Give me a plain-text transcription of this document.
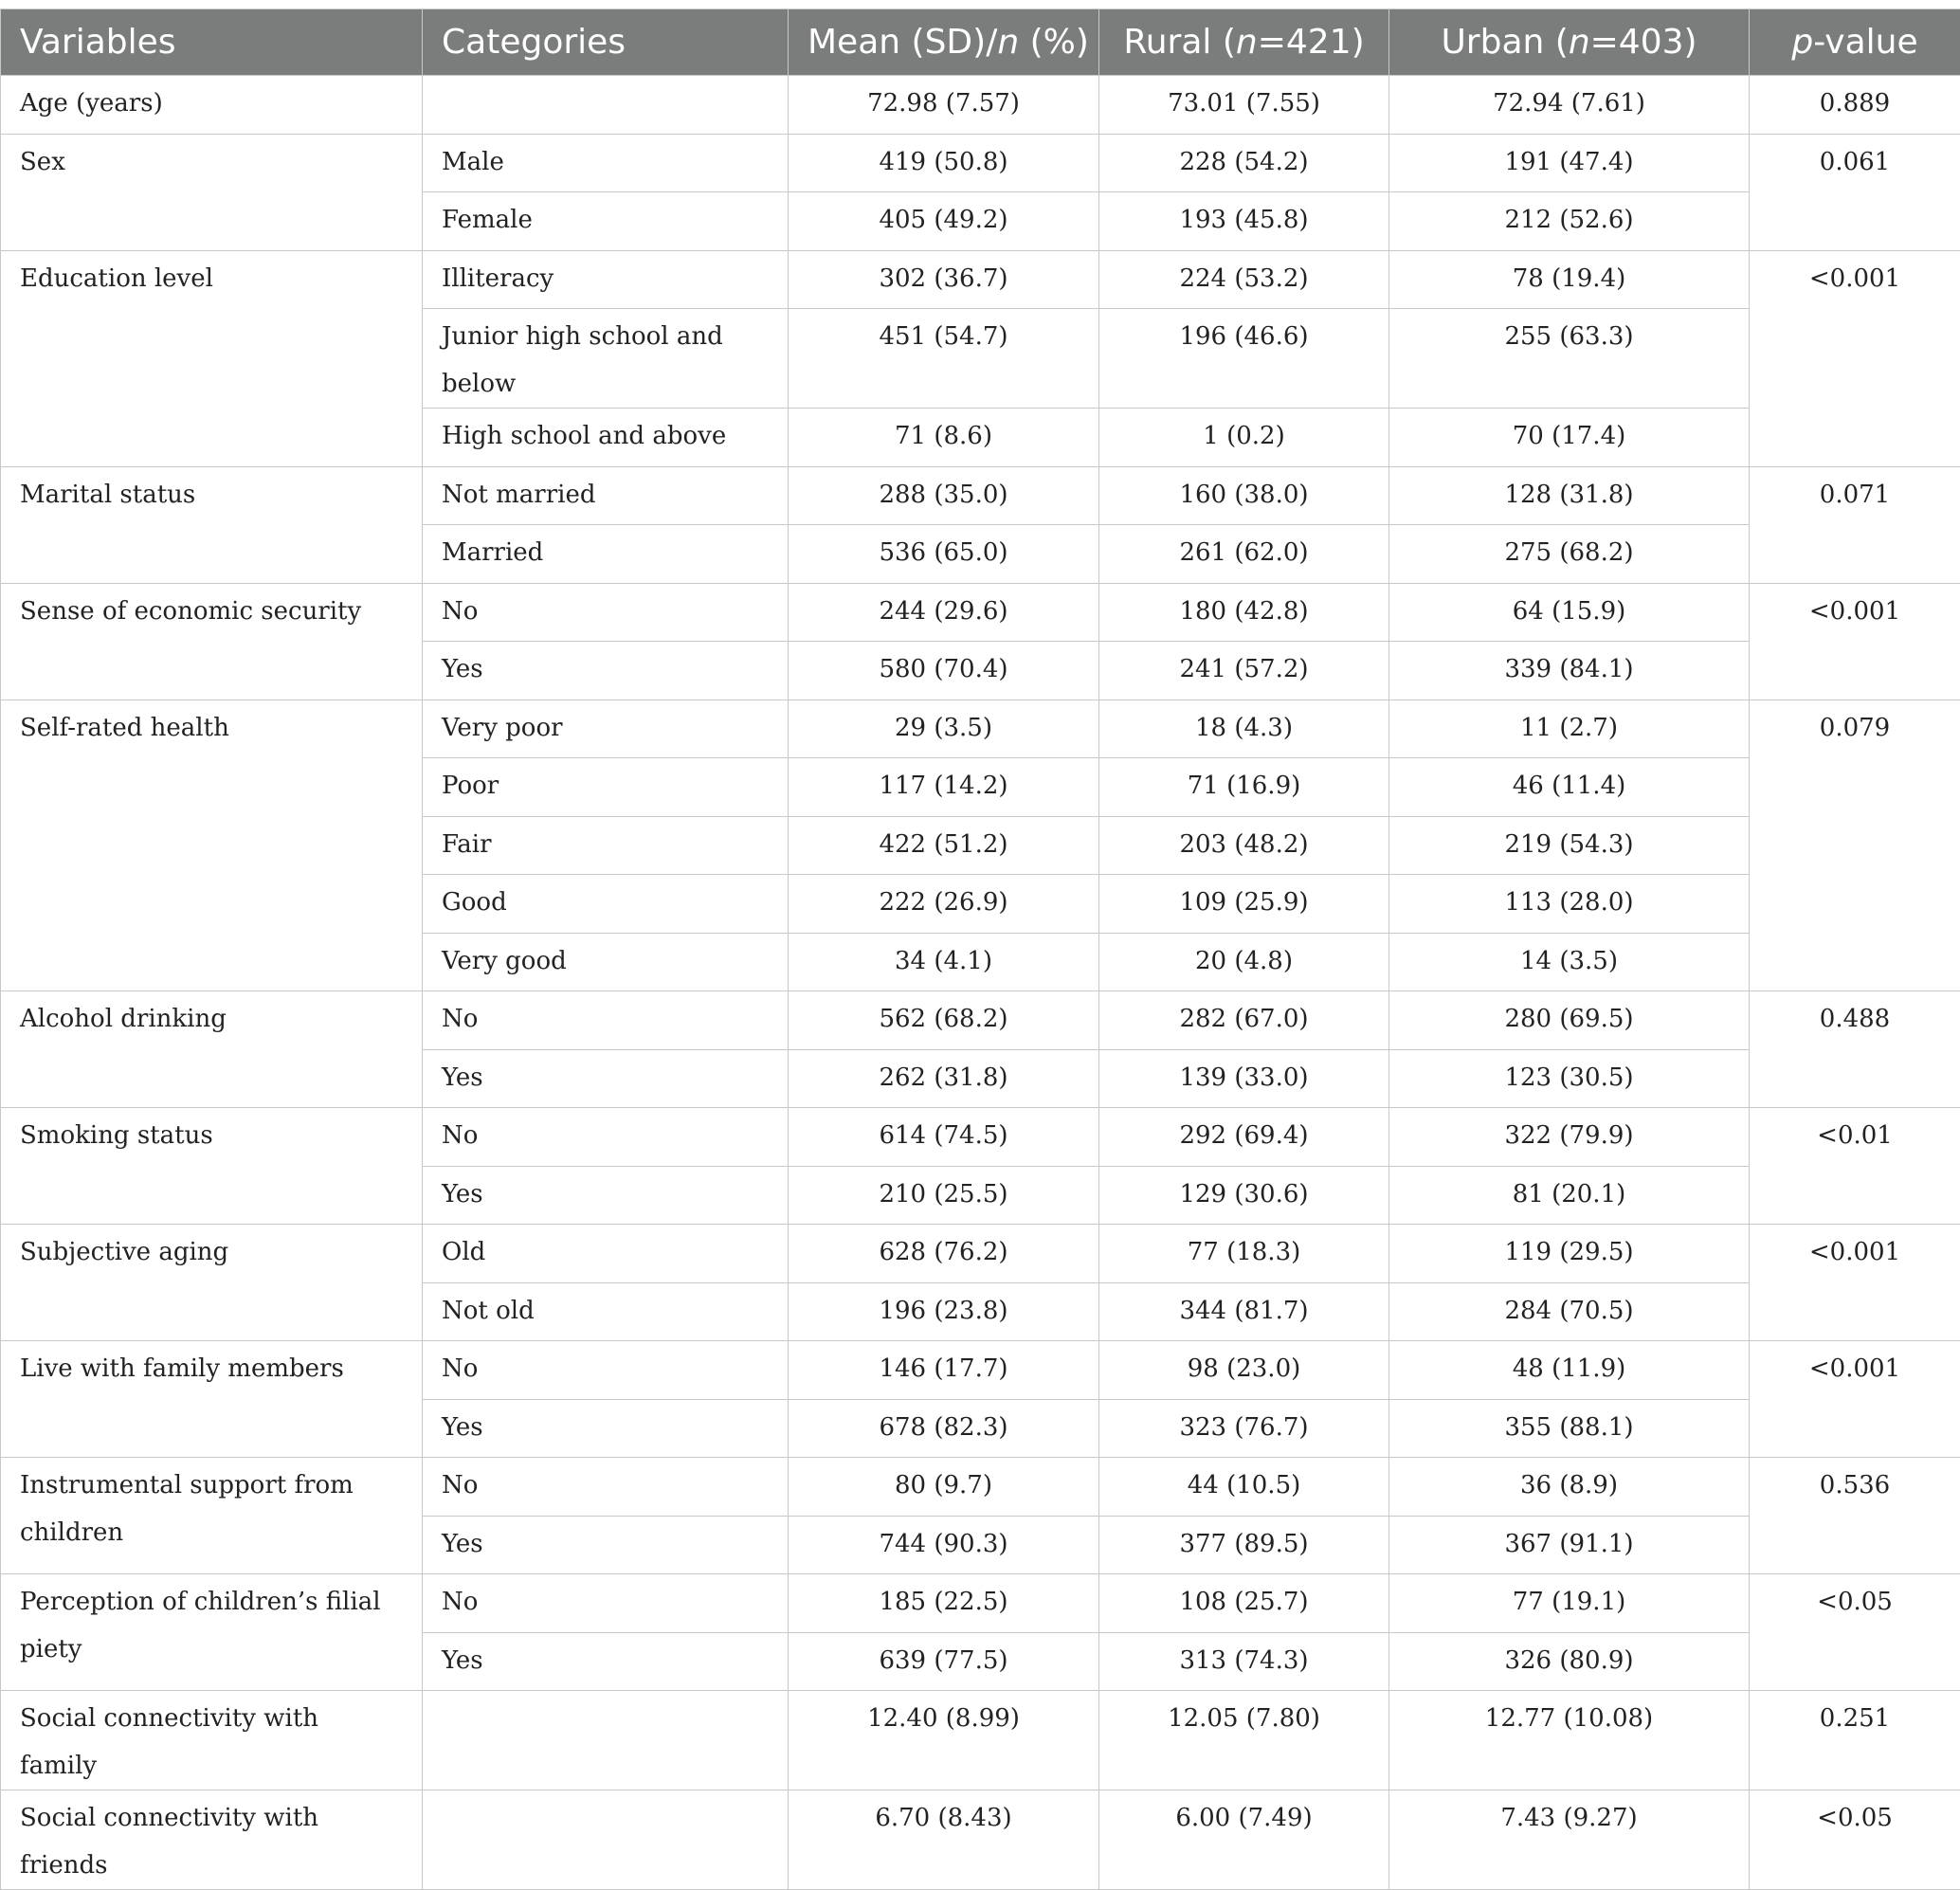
Variables	Categories	Mean (SD)/n (%)	Rural (n=421)	Urban (n=403)	p-value
Age (years)		72.98 (7.57)	73.01 (7.55)	72.94 (7.61)	0.889
Sex	Male	419 (50.8)	228 (54.2)	191 (47.4)	0.061
	Female	405 (49.2)	193 (45.8)	212 (52.6)	
Education level	Illiteracy	302 (36.7)	224 (53.2)	78 (19.4)	<0.001
	Junior high school and below	451 (54.7)	196 (46.6)	255 (63.3)	
	High school and above	71 (8.6)	1 (0.2)	70 (17.4)	
Marital status	Not married	288 (35.0)	160 (38.0)	128 (31.8)	0.071
	Married	536 (65.0)	261 (62.0)	275 (68.2)	
Sense of economic security	No	244 (29.6)	180 (42.8)	64 (15.9)	<0.001
	Yes	580 (70.4)	241 (57.2)	339 (84.1)	
Self-rated health	Very poor	29 (3.5)	18 (4.3)	11 (2.7)	0.079
	Poor	117 (14.2)	71 (16.9)	46 (11.4)	
	Fair	422 (51.2)	203 (48.2)	219 (54.3)	
	Good	222 (26.9)	109 (25.9)	113 (28.0)	
	Very good	34 (4.1)	20 (4.8)	14 (3.5)	
Alcohol drinking	No	562 (68.2)	282 (67.0)	280 (69.5)	0.488
	Yes	262 (31.8)	139 (33.0)	123 (30.5)	
Smoking status	No	614 (74.5)	292 (69.4)	322 (79.9)	<0.01
	Yes	210 (25.5)	129 (30.6)	81 (20.1)	
Subjective aging	Old	628 (76.2)	77 (18.3)	119 (29.5)	<0.001
	Not old	196 (23.8)	344 (81.7)	284 (70.5)	
Live with family members	No	146 (17.7)	98 (23.0)	48 (11.9)	<0.001
	Yes	678 (82.3)	323 (76.7)	355 (88.1)	
Instrumental support from children	No	80 (9.7)	44 (10.5)	36 (8.9)	0.536
	Yes	744 (90.3)	377 (89.5)	367 (91.1)	
Perception of children’s filial piety	No	185 (22.5)	108 (25.7)	77 (19.1)	<0.05
	Yes	639 (77.5)	313 (74.3)	326 (80.9)	
Social connectivity with family		12.40 (8.99)	12.05 (7.80)	12.77 (10.08)	0.251
Social connectivity with friends		6.70 (8.43)	6.00 (7.49)	7.43 (9.27)	<0.05
